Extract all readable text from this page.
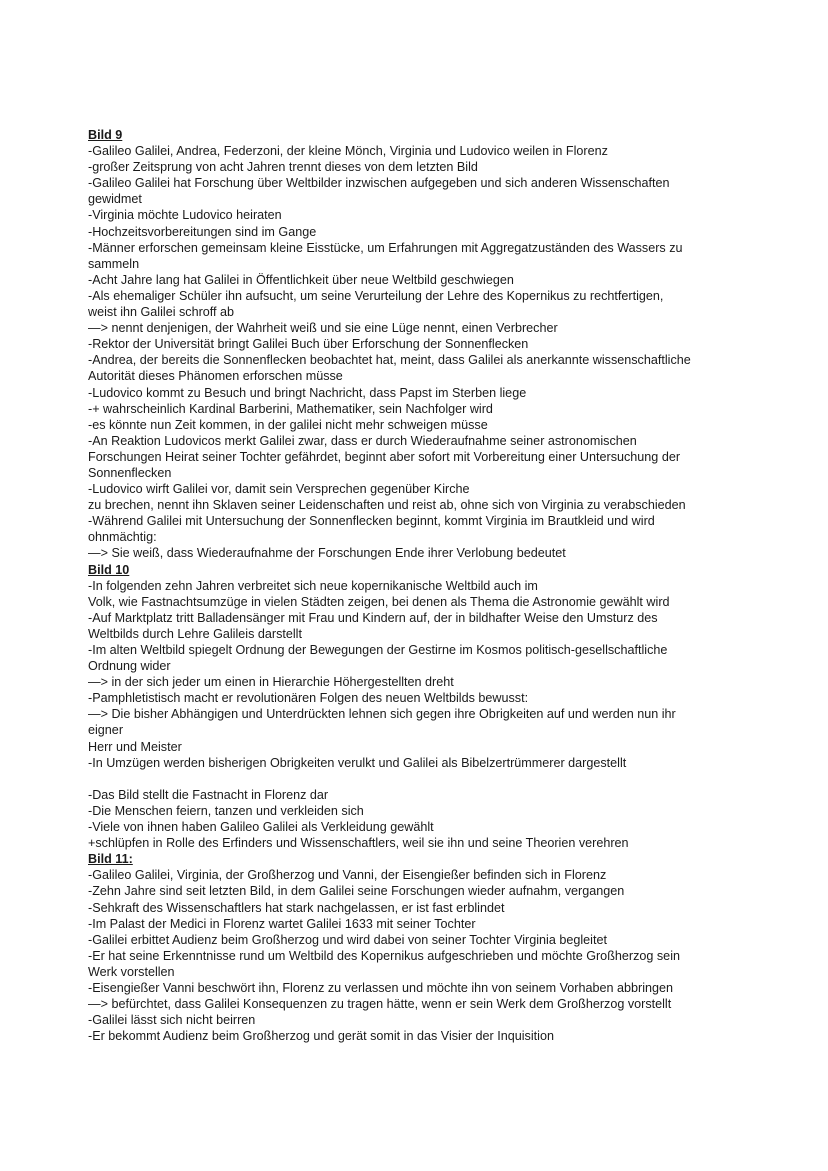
Bild 9
-Galileo Galilei, Andrea, Federzoni, der kleine Mönch, Virginia und Ludovico weilen in Florenz
-großer Zeitsprung von acht Jahren trennt dieses von dem letzten Bild
-Galileo Galilei hat Forschung über Weltbilder inzwischen aufgegeben und sich anderen Wissenschaften
gewidmet
-Virginia möchte Ludovico heiraten
-Hochzeitsvorbereitungen sind im Gange
-Männer erforschen gemeinsam kleine Eisstücke, um Erfahrungen mit Aggregatzuständen des Wassers zu
sammeln
-Acht Jahre lang hat Galilei in Öffentlichkeit über neue Weltbild geschwiegen
-Als ehemaliger Schüler ihn aufsucht, um seine Verurteilung der Lehre des Kopernikus zu rechtfertigen,
weist ihn Galilei schroff ab
—> nennt denjenigen, der Wahrheit weiß und sie eine Lüge nennt, einen Verbrecher
-Rektor der Universität bringt Galilei Buch über Erforschung der Sonnenflecken
-Andrea, der bereits die Sonnenflecken beobachtet hat, meint, dass Galilei als anerkannte wissenschaftliche
Autorität dieses Phänomen erforschen müsse
-Ludovico kommt zu Besuch und bringt Nachricht, dass Papst im Sterben liege
-+ wahrscheinlich Kardinal Barberini, Mathematiker, sein Nachfolger wird
-es könnte nun Zeit kommen, in der galilei nicht mehr schweigen müsse
-An Reaktion Ludovicos merkt Galilei zwar, dass er durch Wiederaufnahme seiner astronomischen
Forschungen Heirat seiner Tochter gefährdet, beginnt aber sofort mit Vorbereitung einer Untersuchung der
Sonnenflecken
-Ludovico wirft Galilei vor, damit sein Versprechen gegenüber Kirche
zu brechen, nennt ihn Sklaven seiner Leidenschaften und reist ab, ohne sich von Virginia zu verabschieden
-Während Galilei mit Untersuchung der Sonnenflecken beginnt, kommt Virginia im Brautkleid und wird
ohnmächtig:
—> Sie weiß, dass Wiederaufnahme der Forschungen Ende ihrer Verlobung bedeutet
Bild 10
-In folgenden zehn Jahren verbreitet sich neue kopernikanische Weltbild auch im
Volk, wie Fastnachtsumzüge in vielen Städten zeigen, bei denen als Thema die Astronomie gewählt wird
-Auf Marktplatz tritt Balladensänger mit Frau und Kindern auf, der in bildhafter Weise den Umsturz des
Weltbilds durch Lehre Galileis darstellt
-Im alten Weltbild spiegelt Ordnung der Bewegungen der Gestirne im Kosmos politisch-gesellschaftliche
Ordnung wider
—> in der sich jeder um einen in Hierarchie Höhergestellten dreht
-Pamphletistisch macht er revolutionären Folgen des neuen Weltbilds bewusst:
—> Die bisher Abhängigen und Unterdrückten lehnen sich gegen ihre Obrigkeiten auf und werden nun ihr
eigner
Herr und Meister
-In Umzügen werden bisherigen Obrigkeiten verulkt und Galilei als Bibelzertrümmerer dargestellt
-Das Bild stellt die Fastnacht in Florenz dar
-Die Menschen feiern, tanzen und verkleiden sich
-Viele von ihnen haben Galileo Galilei als Verkleidung gewählt
+schlüpfen in Rolle des Erfinders und Wissenschaftlers, weil sie ihn und seine Theorien verehren
Bild 11:
-Galileo Galilei, Virginia, der Großherzog und Vanni, der Eisengießer befinden sich in Florenz
-Zehn Jahre sind seit letzten Bild, in dem Galilei seine Forschungen wieder aufnahm, vergangen
-Sehkraft des Wissenschaftlers hat stark nachgelassen, er ist fast erblindet
-Im Palast der Medici in Florenz wartet Galilei 1633 mit seiner Tochter
-Galilei erbittet Audienz beim Großherzog und wird dabei von seiner Tochter Virginia begleitet
-Er hat seine Erkenntnisse rund um Weltbild des Kopernikus aufgeschrieben und möchte Großherzog sein
Werk vorstellen
-Eisengießer Vanni beschwört ihn, Florenz zu verlassen und möchte ihn von seinem Vorhaben abbringen
—> befürchtet, dass Galilei Konsequenzen zu tragen hätte, wenn er sein Werk dem Großherzog vorstellt
-Galilei lässt sich nicht beirren
-Er bekommt Audienz beim Großherzog und gerät somit in das Visier der Inquisition
